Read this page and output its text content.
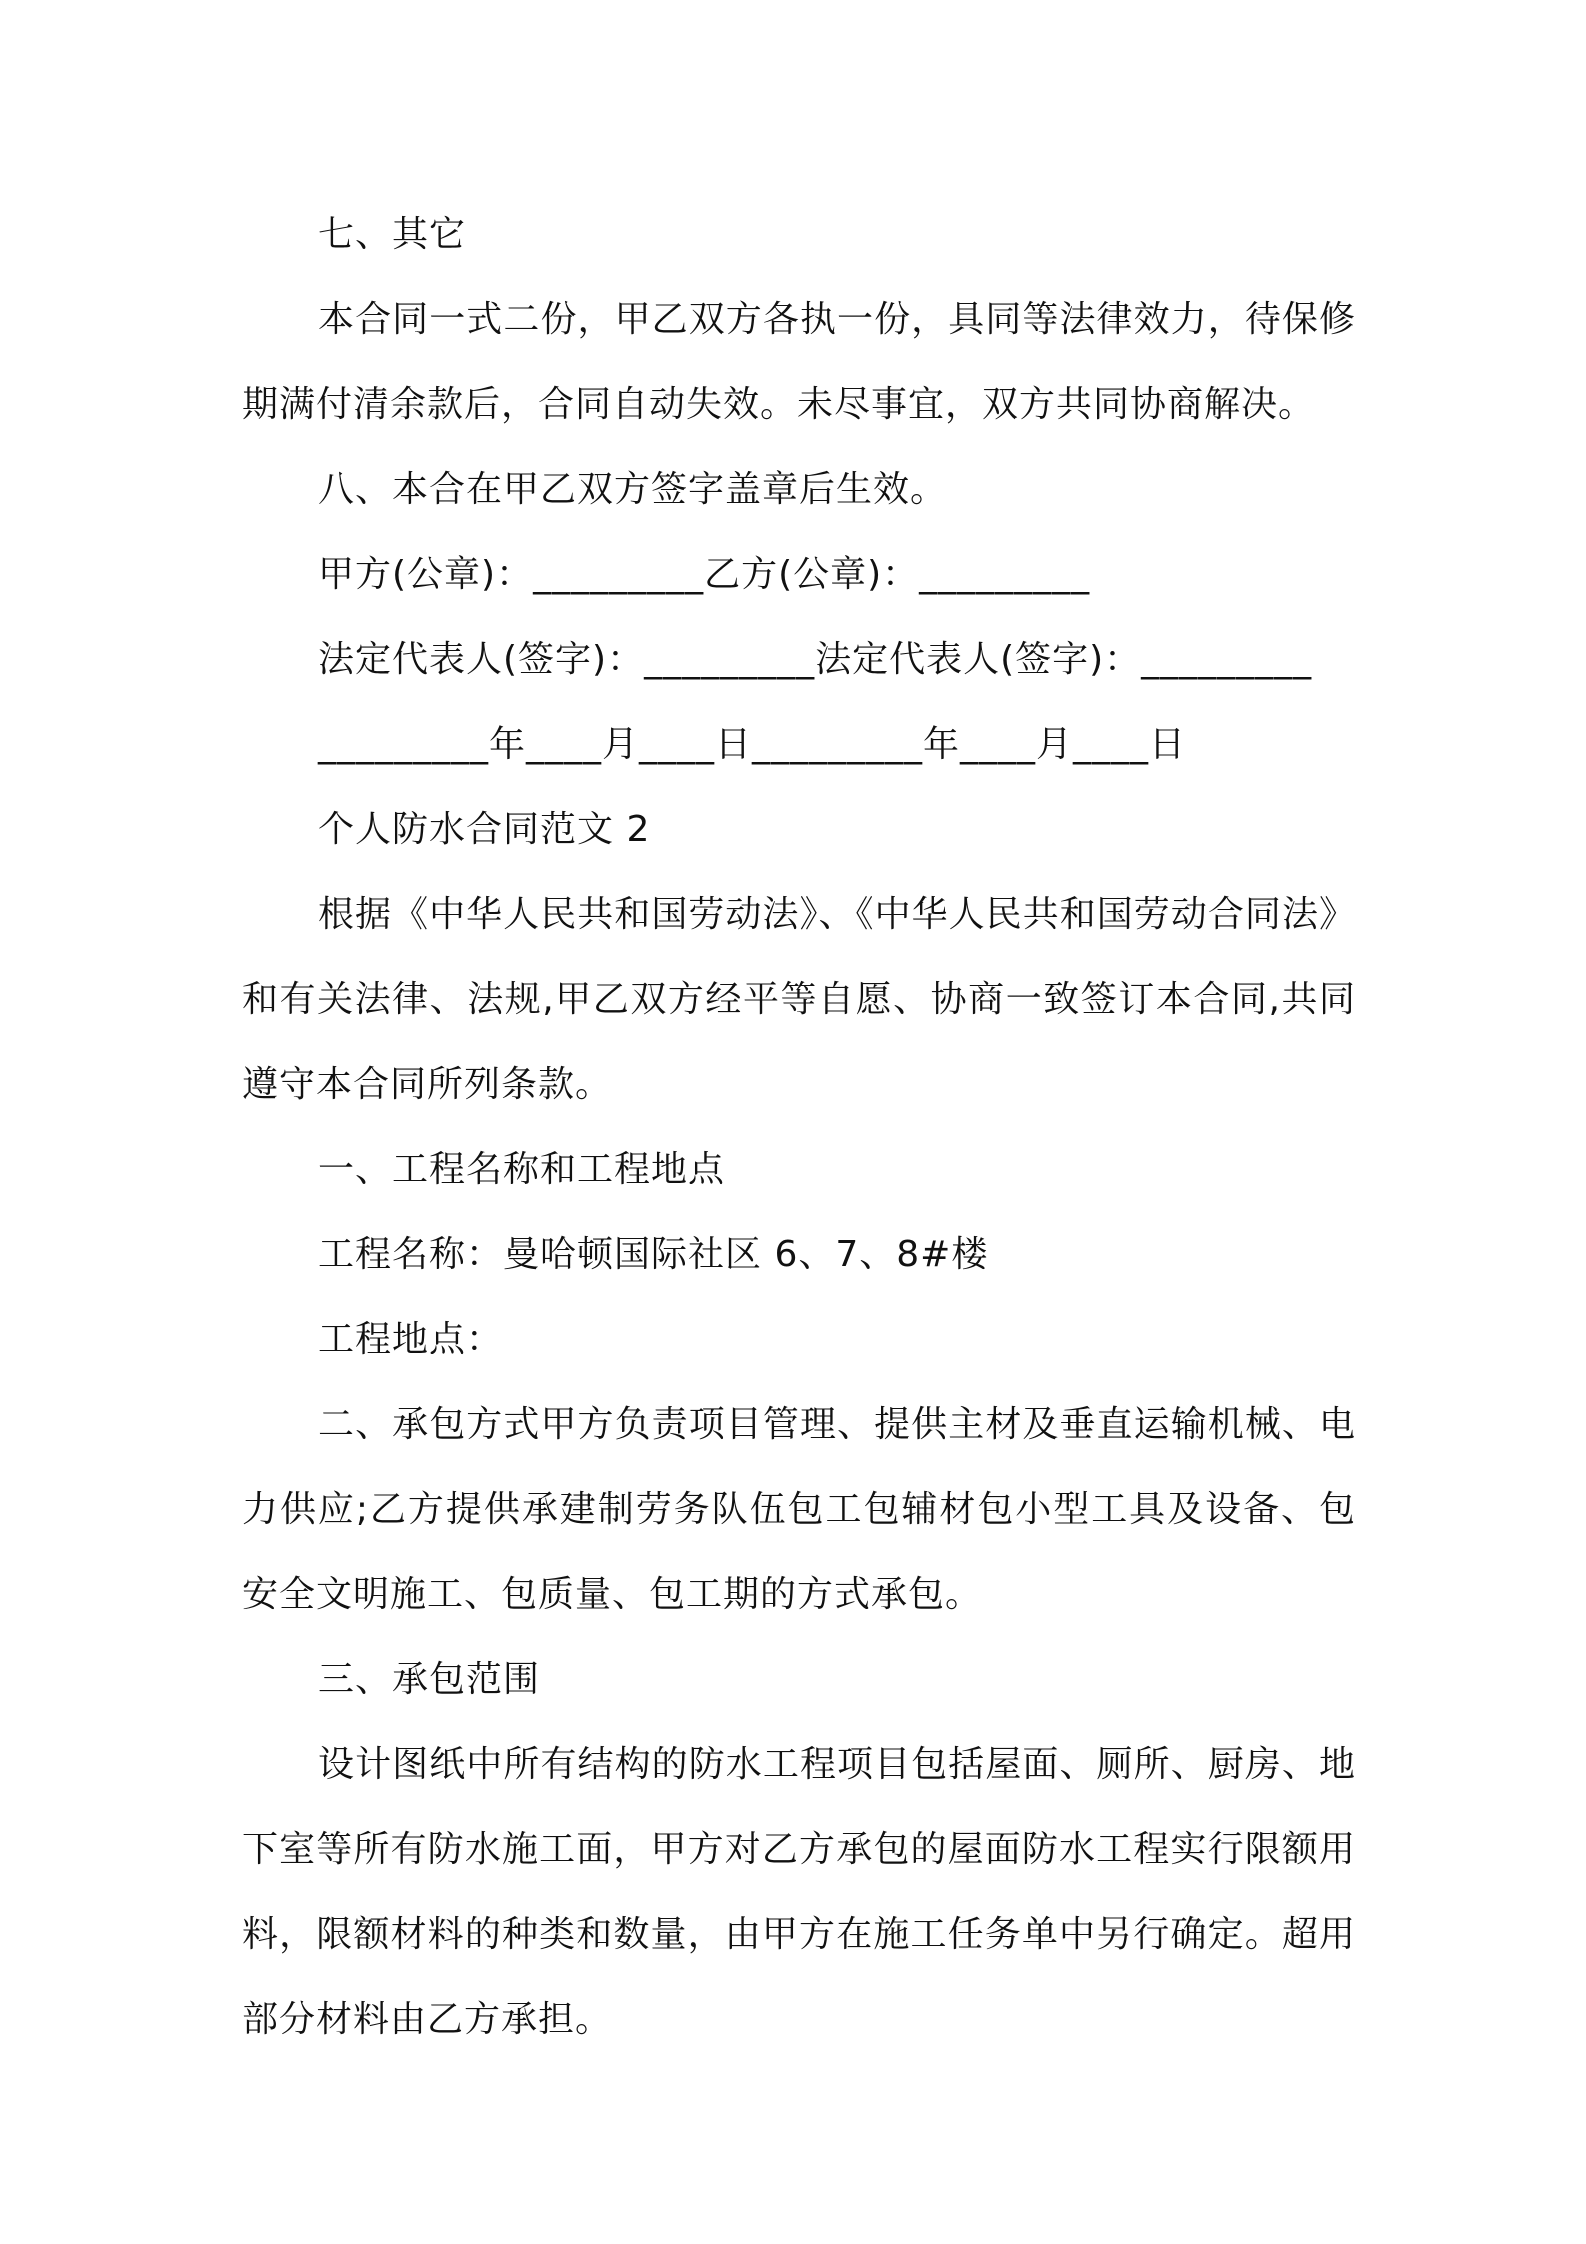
七、其它

本合同一式二份，甲乙双方各执一份，具同等法律效力，待保修期满付清余款后，合同自动失效。未尽事宜，双方共同协商解决。

八、本合在甲乙双方签字盖章后生效。

甲方(公章)：_________乙方(公章)：_________

法定代表人(签字)：_________法定代表人(签字)：_________

_________年____月____日_________年____月____日

个人防水合同范文 2

根据《中华人民共和国劳动法》、《中华人民共和国劳动合同法》和有关法律、法规,甲乙双方经平等自愿、协商一致签订本合同,共同遵守本合同所列条款。

一、工程名称和工程地点

工程名称：曼哈顿国际社区 6、7、8#楼

工程地点：

二、承包方式甲方负责项目管理、提供主材及垂直运输机械、电力供应;乙方提供承建制劳务队伍包工包辅材包小型工具及设备、包安全文明施工、包质量、包工期的方式承包。

三、承包范围

设计图纸中所有结构的防水工程项目包括屋面、厕所、厨房、地下室等所有防水施工面，甲方对乙方承包的屋面防水工程实行限额用料，限额材料的种类和数量，由甲方在施工任务单中另行确定。超用部分材料由乙方承担。
